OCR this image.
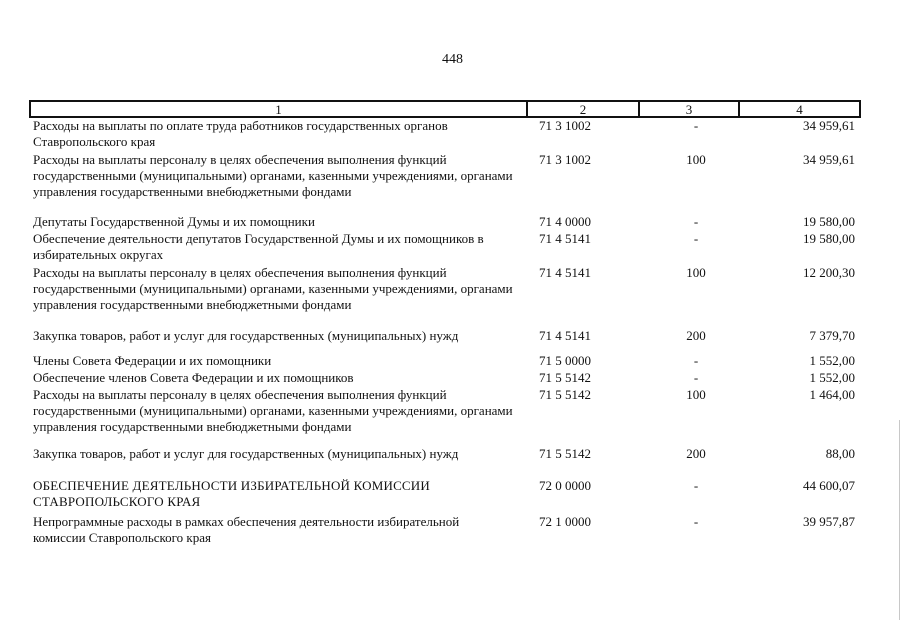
448
1	2	3	4
Расходы на выплаты по оплате труда работников государственных органов Ставропольского края	71 3 1002	-	34 959,61
Расходы на выплаты персоналу в целях обеспечения выполнения функций государственными (муниципальными) органами, казенными учреждениями, органами управления государственными внебюджетными фондами	71 3 1002	100	34 959,61
Депутаты Государственной Думы и их помощники	71 4 0000	-	19 580,00
Обеспечение деятельности депутатов Государственной Думы и их помощников в избирательных округах	71 4 5141	-	19 580,00
Расходы на выплаты персоналу в целях обеспечения выполнения функций государственными (муниципальными) органами, казенными учреждениями, органами управления государственными внебюджетными фондами	71 4 5141	100	12 200,30
Закупка товаров, работ и услуг для государственных (муниципальных) нужд	71 4 5141	200	7 379,70
Члены Совета Федерации и их помощники	71 5 0000	-	1 552,00
Обеспечение членов Совета Федерации и их помощников	71 5 5142	-	1 552,00
Расходы на выплаты персоналу в целях обеспечения выполнения функций государственными (муниципальными) органами, казенными учреждениями, органами управления государственными внебюджетными фондами	71 5 5142	100	1 464,00
Закупка товаров, работ и услуг для государственных (муниципальных) нужд	71 5 5142	200	88,00
ОБЕСПЕЧЕНИЕ ДЕЯТЕЛЬНОСТИ ИЗБИРАТЕЛЬНОЙ КОМИССИИ СТАВРОПОЛЬСКОГО КРАЯ	72 0 0000	-	44 600,07
Непрограммные расходы в рамках обеспечения деятельности избирательной комиссии Ставропольского края	72 1 0000	-	39 957,87
